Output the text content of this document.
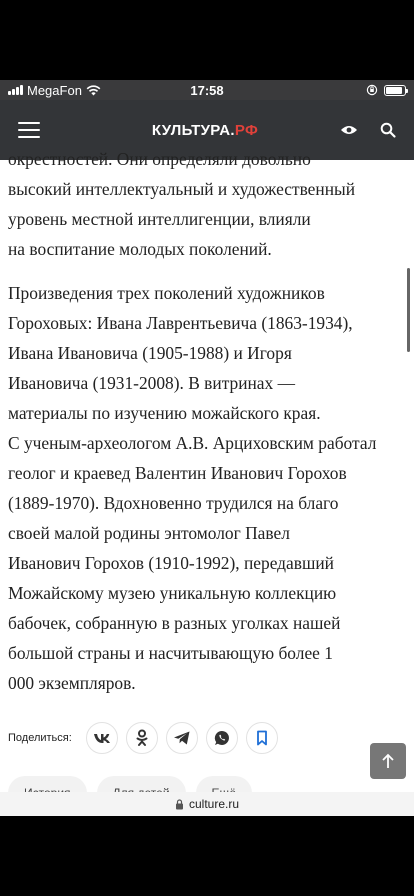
MegaFon	17:58
КУЛЬТУРА.РФ
окрестностей. Они определяли довольно
высокий интеллектуальный и художественный
уровень местной интеллигенции, влияли
на воспитание молодых поколений.
Произведения трех поколений художников
Гороховых: Ивана Лаврентьевича (1863-1934),
Ивана Ивановича (1905-1988) и Игоря
Ивановича (1931-2008). В витринах —
материалы по изучению можайского края.
С ученым-археологом А.В. Арциховским работал
геолог и краевед Валентин Иванович Горохов
(1889-1970). Вдохновенно трудился на благо
своей малой родины энтомолог Павел
Иванович Горохов (1910-1992), передавший
Можайскому музею уникальную коллекцию
бабочек, собранную в разных уголках нашей
большой страны и насчитывающую более 1
000 экземпляров.
Поделиться:
culture.ru
